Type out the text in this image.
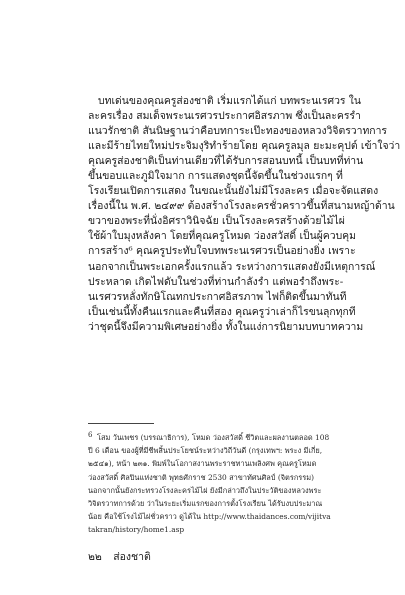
บทเด่นของคุณครูส่องชาติ เริ่มแรกได้แก่ บทพระนเรศวร ใน
ละครเรื่อง สมเด็จพระนเรศวรประกาศอิสรภาพ ซึ่งเป็นละครรำ
แนวรักชาติ สันนิษฐานว่าคือบทการะเป๊ะทองของหลวงวิจิตรวาทการ
และมีร้ายไทยใหม่ประจิมงุริทำร้ายโดย คุณครูลมุล ยะมะคุปต์ เข้าใจว่า
คุณครูส่องชาติเป็นท่านเดียวที่ได้รับการสอนบทนี้ เป็นบทที่ท่าน
ขึ้นขอบและภูมิใจมาก การแสดงชุดนี้จัดขึ้นในช่วงแรกๆ ที่
โรงเรียนเปิดการแสดง ในขณะนั้นยังไม่มีโรงละคร เมื่อจะจัดแสดง
เรื่องนี้ใน พ.ศ. ๒๔๙๙ ต้องสร้างโรงละครชั่วคราวขึ้นที่สนามหญ้าด้าน
ขวาของพระที่นั่งอิศราวินิจฉัย เป็นโรงละครสร้างด้วยไม้ไผ่
ใช้ผ้าใบมุงหลังคา โดยที่คุณครูโหมด ว่องสวัสดิ์ เป็นผู้ควบคุม
การสร้าง⁶ คุณครูประทับใจบทพระนเรศวรเป็นอย่างยิ่ง เพราะ
นอกจากเป็นพระเอกครั้งแรกแล้ว ระหว่างการแสดงยังมีเหตุการณ์
ประหลาด เกิดไฟดับในช่วงที่ท่านกำลังรำ แต่พอรำถึงพระ-
นเรศวรหลั่งทักษิโณทกประกาศอิสรภาพ ไฟก็ติดขึ้นมาทันที
เป็นเช่นนี้ทั้งคืนแรกและคืนที่สอง คุณครูว่าเล่าก็ไรขนลุกทุกที
ว่าชุดนี้จึงมีความพิเศษอย่างยิ่ง ทั้งในแง่การนิยามบทบาทความ
6 โสม วันเพชร (บรรณาธิการ), โหมด ว่องสวัสดิ์ ชีวิตและผลงานตลอด 108
ปี 6 เดือน ของผู้ที่มีชีพสิ้นประโยชน์ระหว่างวิถีวันดี (กรุงเทพฯ: พระง มีเกี่ย,
๒๕๔๑), หน้า ๒๓๑. พิมพ์ในโอกาสงานพระราชทานเพลิงศพ คุณครูโหมด
ว่องสวัสดิ์ ศิลปินแห่งชาติ พุทธศักราช 2530 สาขาทัศนศิลป์ (จิตรกรรม)
นอกจากนั้นยังกระทรวงโรงละครไม้ไผ่ ยังมีกล่าวถึงในประวัติของหลวงพระ
วิจิตรวาทการด้วย ว่าในระยะเริ่มแรกของการตั้งโรงเรียน ได้รับงบประมาณ
น้อย คือใช้โรงไม้ไผ่ชั่วคราว ดูได้ใน http://www.thaidances.com/vijitva
takran/history/home1.asp
๒๒ ส่องชาติ
